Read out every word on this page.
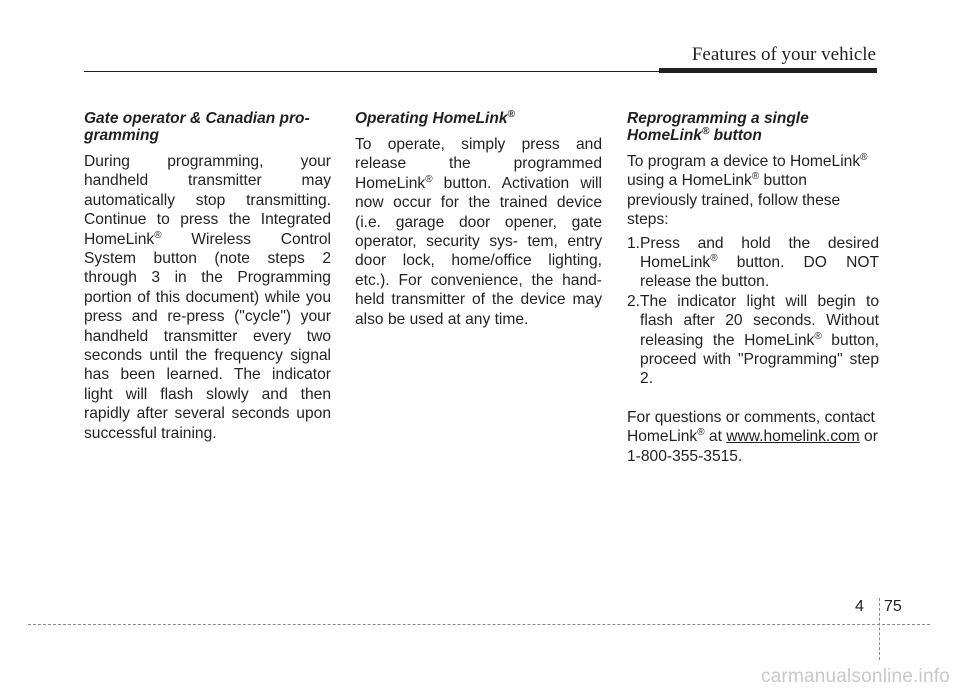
Features of your vehicle
Gate operator & Canadian pro- gramming

During programming, your handheld transmitter may automatically stop transmitting. Continue to press the Integrated HomeLink® Wireless Control System button (note steps 2 through 3 in the Programming portion of this document) while you press and re-press ("cycle") your handheld transmitter every two seconds until the frequency signal has been learned. The indicator light will flash slowly and then rapidly after several seconds upon successful training.

Operating HomeLink®

To operate, simply press and release the programmed HomeLink® button. Activation will now occur for the trained device (i.e. garage door opener, gate operator, security sys- tem, entry door lock, home/office lighting, etc.). For convenience, the hand-held transmitter of the device may also be used at any time.

Reprogramming a single HomeLink® button

To program a device to HomeLink® using a HomeLink® button previously trained, follow these steps:

1. Press and hold the desired HomeLink® button. DO NOT release the button.
2. The indicator light will begin to flash after 20 seconds. Without releasing the HomeLink® button, proceed with "Programming" step 2.

For questions or comments, contact HomeLink® at www.homelink.com or 1-800-355-3515.

4 75
carmanualsonline.info
